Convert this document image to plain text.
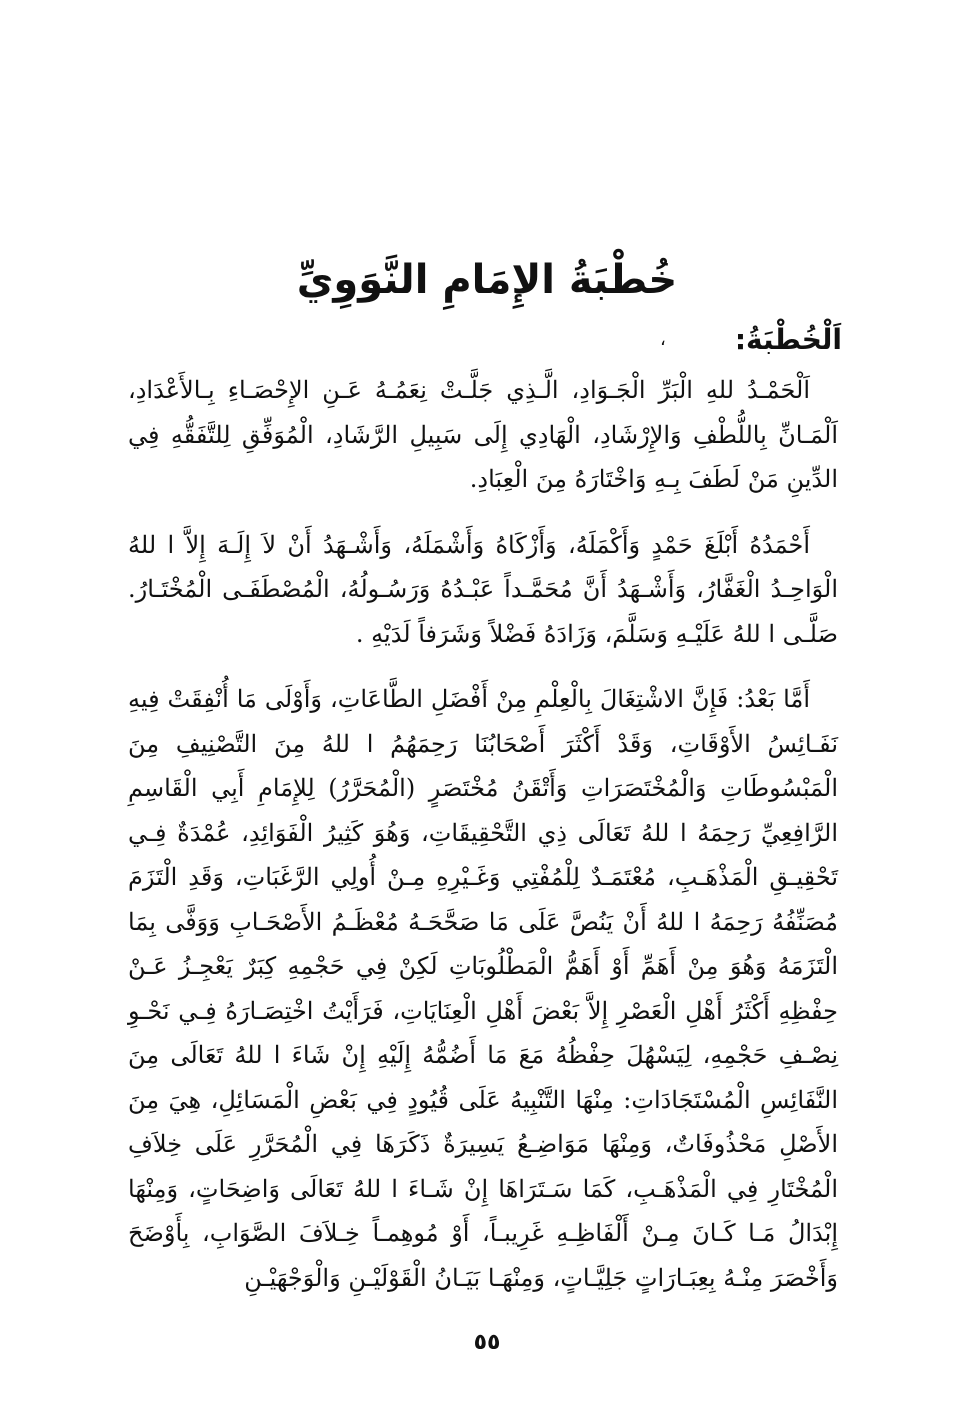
خُطْبَةُ الإِمَامِ النَّوَوِيِّ
اَلْخُطْبَةُ:
،

اَلْحَمْـدُ للهِ الْبَرِّ الْجَـوَادِ، الَّـذِي جَلَّـتْ نِعَمُـهُ عَـنِ الإِحْصَـاءِ بِـالأَعْدَادِ، اَلْمَـانِّ بِاللُّطْفِ وَالإِرْشَادِ، الْهَادِي إِلَى سَبِيلِ الرَّشَادِ، الْمُوَفِّقِ لِلتَّفَقُّهِ فِي الدِّينِ مَنْ لَطَفَ بِـهِ وَاخْتَارَهُ مِنَ الْعِبَادِ.

أَحْمَدُهُ أَبْلَغَ حَمْدٍ وَأَكْمَلَهُ، وَأَزْكَاهُ وَأَشْمَلَهُ، وَأَشْـهَدُ أَنْ لاَ إِلَـهَ إِلاَّ ا للهُ الْوَاحِـدُ الْغَفَّارُ، وَأَشْـهَدُ أَنَّ مُحَمَّـداً عَبْـدُهُ وَرَسُـولُهُ، الْمُصْطَفَـى الْمُخْتَـارُ. صَلَّـى ا للهُ عَلَيْـهِ وَسَلَّمَ، وَزَادَهُ فَضْلاً وَشَرَفاً لَدَيْهِ .

أَمَّا بَعْدُ: فَإِنَّ الاشْتِغَالَ بِالْعِلْمِ مِنْ أَفْضَلِ الطَّاعَاتِ، وَأَوْلَى مَا أُنْفِقَتْ فِيهِ نَفَـائِسُ الأَوْقَاتِ، وَقَدْ أَكْثَرَ أَصْحَابُنَا رَحِمَهُمُ ا للهُ مِنَ التَّصْنِيفِ مِنَ الْمَبْسُوطَاتِ وَالْمُخْتَصَرَاتِ وَأَتْقَنُ مُخْتَصَرٍ (الْمُحَرَّرُ) لِلإِمَامِ أَبِي الْقَاسِمِ الرَّافِعِيِّ رَحِمَهُ ا للهُ تَعَالَى ذِي التَّحْقِيقَاتِ، وَهُوَ كَثِيرُ الْفَوَائِدِ، عُمْدَةٌ فِـي تَحْقِيـقِ الْمَذْهَـبِ، مُعْتَمَـدٌ لِلْمُفْتِي وَغَـيْرِهِ مِـنْ أُولِي الرَّغَبَاتِ، وَقَدِ الْتَزَمَ مُصَنِّفُهُ رَحِمَهُ ا للهُ أَنْ يَنُصَّ عَلَى مَا صَحَّحَـهُ مُعْظَـمُ الأَصْحَـابِ وَوَفَّى بِمَا الْتَزَمَهُ وَهُوَ مِنْ أَهَمِّ أَوْ أَهَمُّ الْمَطْلُوبَاتِ لَكِنْ فِي حَجْمِهِ كِبَرٌ يَعْجِـزُ عَـنْ حِفْظِهِ أَكْثَرُ أَهْلِ الْعَصْرِ إِلاَّ بَعْضَ أَهْلِ الْعِنَايَاتِ، فَرَأَيْتُ اخْتِصَـارَهُ فِـي نَحْـوِ نِصْـفِ حَجْمِهِ، لِيَسْهُلَ حِفْظُهُ مَعَ مَا أَضُمُّهُ إِلَيْهِ إِنْ شَاءَ ا للهُ تَعَالَى مِنَ النَّفَائِسِ الْمُسْتَجَادَاتِ: مِنْهَا التَّنْبِيهُ عَلَى قُيُودٍ فِي بَعْضِ الْمَسَائِلِ، هِيَ مِنَ الأَصْلِ مَحْذُوفَاتٌ، وَمِنْهَا مَوَاضِـعُ يَسِيرَةٌ ذَكَرَهَا فِي الْمُحَرَّرِ عَلَى خِلاَفِ الْمُخْتَارِ فِي الْمَذْهَـبِ، كَمَا سَـتَرَاهَا إِنْ شَـاءَ ا للهُ تَعَالَى وَاضِحَاتٍ، وَمِنْهَا إِبْدَالُ مَـا كَـانَ مِـنْ أَلْفَاظِـهِ غَرِيبـاً، أَوْ مُوهِمـاً خِـلاَفَ الصَّوَابِ، بِأَوْضَحَ وَأَخْصَرَ مِنْـهُ بِعِبَـارَاتٍ جَلِيَّـاتٍ، وَمِنْهَـا بَيَـانُ الْقَوْلَيْـنِ وَالْوَجْهَيْـنِ

٥٥
